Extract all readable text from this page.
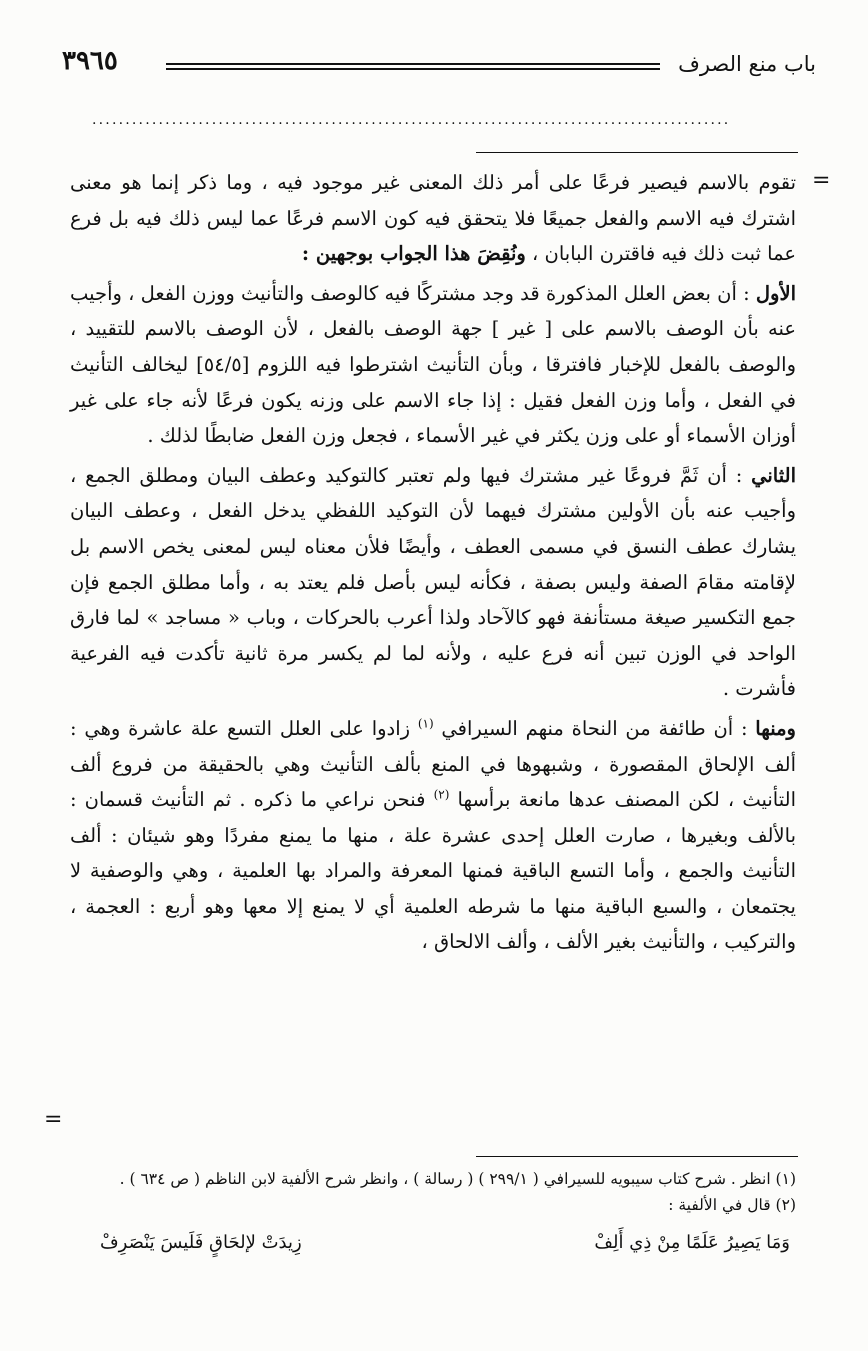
باب منع الصرف
٣٩٦٥
................................................................................................
=
=

تقوم بالاسم فيصير فرعًا على أمر ذلك المعنى غير موجود فيه ، وما ذكر إنما هو معنى اشترك فيه الاسم والفعل جميعًا فلا يتحقق فيه كون الاسم فرعًا عما ليس ذلك فيه بل فرع عما ثبت ذلك فيه فاقترن البابان ، ونُقِضَ هذا الجواب بوجهين :

الأول : أن بعض العلل المذكورة قد وجد مشتركًا فيه كالوصف والتأنيث ووزن الفعل ، وأجيب عنه بأن الوصف بالاسم على [ غير ] جهة الوصف بالفعل ، لأن الوصف بالاسم للتقييد ، والوصف بالفعل للإخبار فافترقا ، وبأن التأنيث اشترطوا فيه اللزوم [٥٤/٥] ليخالف التأنيث في الفعل ، وأما وزن الفعل فقيل : إذا جاء الاسم على وزنه يكون فرعًا لأنه جاء على غير أوزان الأسماء أو على وزن يكثر في غير الأسماء ، فجعل وزن الفعل ضابطًا لذلك .

الثاني : أن ثَمَّ فروعًا غير مشترك فيها ولم تعتبر كالتوكيد وعطف البيان ومطلق الجمع ، وأجيب عنه بأن الأولين مشترك فيهما لأن التوكيد اللفظي يدخل الفعل ، وعطف البيان يشارك عطف النسق في مسمى العطف ، وأيضًا فلأن معناه ليس لمعنى يخص الاسم بل لإقامته مقامَ الصفة وليس بصفة ، فكأنه ليس بأصل فلم يعتد به ، وأما مطلق الجمع فإن جمع التكسير صيغة مستأنفة فهو كالآحاد ولذا أعرب بالحركات ، وباب « مساجد » لما فارق الواحد في الوزن تبين أنه فرع عليه ، ولأنه لما لم يكسر مرة ثانية تأكدت فيه الفرعية فأشرت .

ومنها : أن طائفة من النحاة منهم السيرافي $^{(١)}$ زادوا على العلل التسع علة عاشرة وهي : ألف الإلحاق المقصورة ، وشبهوها في المنع بألف التأنيث وهي بالحقيقة من فروع ألف التأنيث ، لكن المصنف عدها مانعة برأسها $^{(٢)}$ فنحن نراعي ما ذكره . ثم التأنيث قسمان : بالألف وبغيرها ، صارت العلل إحدى عشرة علة ، منها ما يمنع مفردًا وهو شيئان : ألف التأنيث والجمع ، وأما التسع الباقية فمنها المعرفة والمراد بها العلمية ، وهي والوصفية لا يجتمعان ، والسبع الباقية منها ما شرطه العلمية أي لا يمنع إلا معها وهو أربع : العجمة ، والتركيب ، والتأنيث بغير الألف ، وألف الالحاق ،

(١) انظر . شرح كتاب سيبويه للسيرافي ( ٢٩٩/١ ) ( رسالة ) ، وانظر شرح الألفية لابن الناظم ( ص ٦٣٤ ) .
(٢) قال في الألفية :
وَمَا يَصِيرُ عَلَمًا مِنْ ذِي أَلِفْ
زِيدَتْ لإلحَاقٍ فَلَيسَ يَنْصَرِفْ
